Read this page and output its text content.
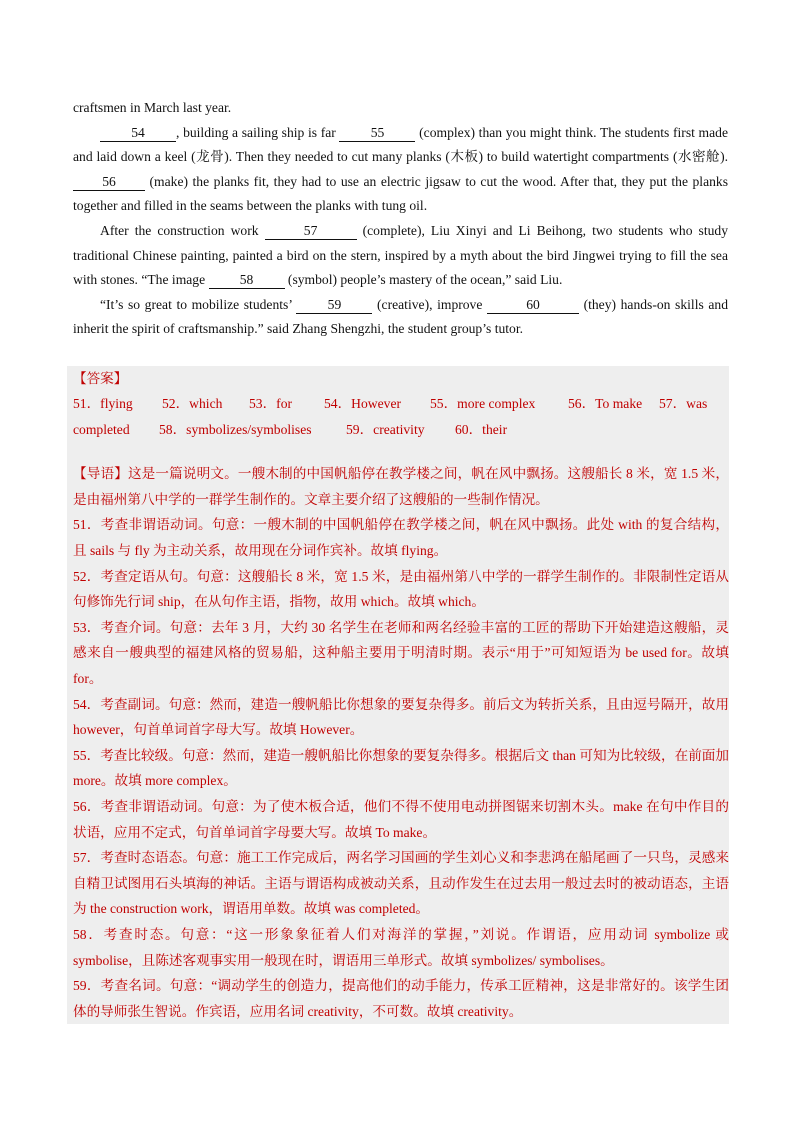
craftsmen in March last year.

54 , building a sailing ship is far 55 (complex) than you might think. The students first made and laid down a keel (龙骨). Then they needed to cut many planks (木板) to build watertight compartments (水密舱). 56 (make) the planks fit, they had to use an electric jigsaw to cut the wood. After that, they put the planks together and filled in the seams between the planks with tung oil.

After the construction work	57	(complete), Liu Xinyi and Li Beihong, two students who study traditional Chinese painting, painted a bird on the stern, inspired by a myth about the bird Jingwei trying to fill the sea with stones. “The image 58 (symbol) people’s mastery of the ocean,” said Liu.

“It’s so great to mobilize students’ 59 (creative), improve	60	(they) hands-on skills and inherit the spirit of craftsmanship.” said Zhang Shengzhi, the student group’s tutor.

【答案】

51．flying 52．which 53．for 54．However 55．more complex 56．To make 57．was

completed 58．symbolizes/symbolises	59．creativity 60．their

【导语】这是一篇说明文。一艘木制的中国帆船停在教学楼之间，帆在风中飘扬。这艘船长 8 米，宽 1.5 米，是由福州第八中学的一群学生制作的。文章主要介绍了这艘船的一些制作情况。

51．考查非谓语动词。句意：一艘木制的中国帆船停在教学楼之间，帆在风中飘扬。此处 with 的复合结构，且 sails 与 fly 为主动关系，故用现在分词作宾补。故填 flying。

52．考查定语从句。句意：这艘船长 8 米，宽 1.5 米，是由福州第八中学的一群学生制作的。非限制性定语从句修饰先行词 ship，在从句作主语，指物，故用 which。故填 which。

53．考查介词。句意：去年 3 月，大约 30 名学生在老师和两名经验丰富的工匠的帮助下开始建造这艘船，灵感来自一艘典型的福建风格的贸易船，这种船主要用于明清时期。表示“用于”可知短语为 be used for。故填 for。

54．考查副词。句意：然而，建造一艘帆船比你想象的要复杂得多。前后文为转折关系，且由逗号隔开，故用 however，句首单词首字母大写。故填 However。

55．考查比较级。句意：然而，建造一艘帆船比你想象的要复杂得多。根据后文 than 可知为比较级，在前面加 more。故填 more complex。

56．考查非谓语动词。句意：为了使木板合适，他们不得不使用电动拼图锯来切割木头。make 在句中作目的状语，应用不定式，句首单词首字母要大写。故填 To make。

57．考查时态语态。句意：施工工作完成后，两名学习国画的学生刘心义和李悲鸿在船尾画了一只鸟，灵感来自精卫试图用石头填海的神话。主语与谓语构成被动关系，且动作发生在过去用一般过去时的被动语态，主语为 the construction work，谓语用单数。故填 was completed。

58．考查时态。句意：“这一形象象征着人们对海洋的掌握，”刘说。作谓语，应用动词 symbolize 或 symbolise，且陈述客观事实用一般现在时，谓语用三单形式。故填 symbolizes/ symbolises。

59．考查名词。句意：“调动学生的创造力，提高他们的动手能力，传承工匠精神，这是非常好的。该学生团体的导师张生智说。作宾语，应用名词 creativity，不可数。故填 creativity。
